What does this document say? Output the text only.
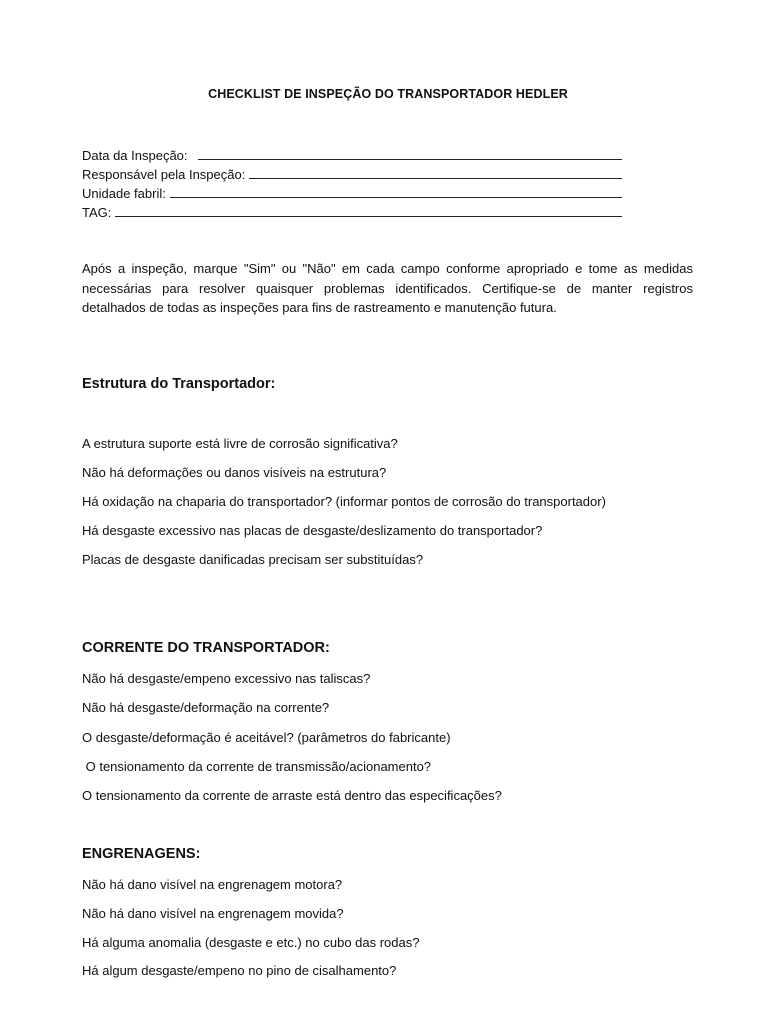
CHECKLIST DE INSPEÇÃO DO TRANSPORTADOR HEDLER
Data da Inspeção:
Responsável pela Inspeção:
Unidade fabril:
TAG:

Após a inspeção, marque "Sim" ou "Não" em cada campo conforme apropriado e tome as medidas necessárias para resolver quaisquer problemas identificados. Certifique-se de manter registros detalhados de todas as inspeções para fins de rastreamento e manutenção futura.

Estrutura do Transportador:

A estrutura suporte está livre de corrosão significativa?

Não há deformações ou danos visíveis na estrutura?

Há oxidação na chaparia do transportador? (informar pontos de corrosão do transportador)

Há desgaste excessivo nas placas de desgaste/deslizamento do transportador?

Placas de desgaste danificadas precisam ser substituídas?

CORRENTE DO TRANSPORTADOR:

Não há desgaste/empeno excessivo nas taliscas?

Não há desgaste/deformação na corrente?

O desgaste/deformação é aceitável? (parâmetros do fabricante)

O tensionamento da corrente de transmissão/acionamento?

O tensionamento da corrente de arraste está dentro das especificações?

ENGRENAGENS:

Não há dano visível na engrenagem motora?

Não há dano visível na engrenagem movida?

Há alguma anomalia (desgaste e etc.) no cubo das rodas?

Há algum desgaste/empeno no pino de cisalhamento?
